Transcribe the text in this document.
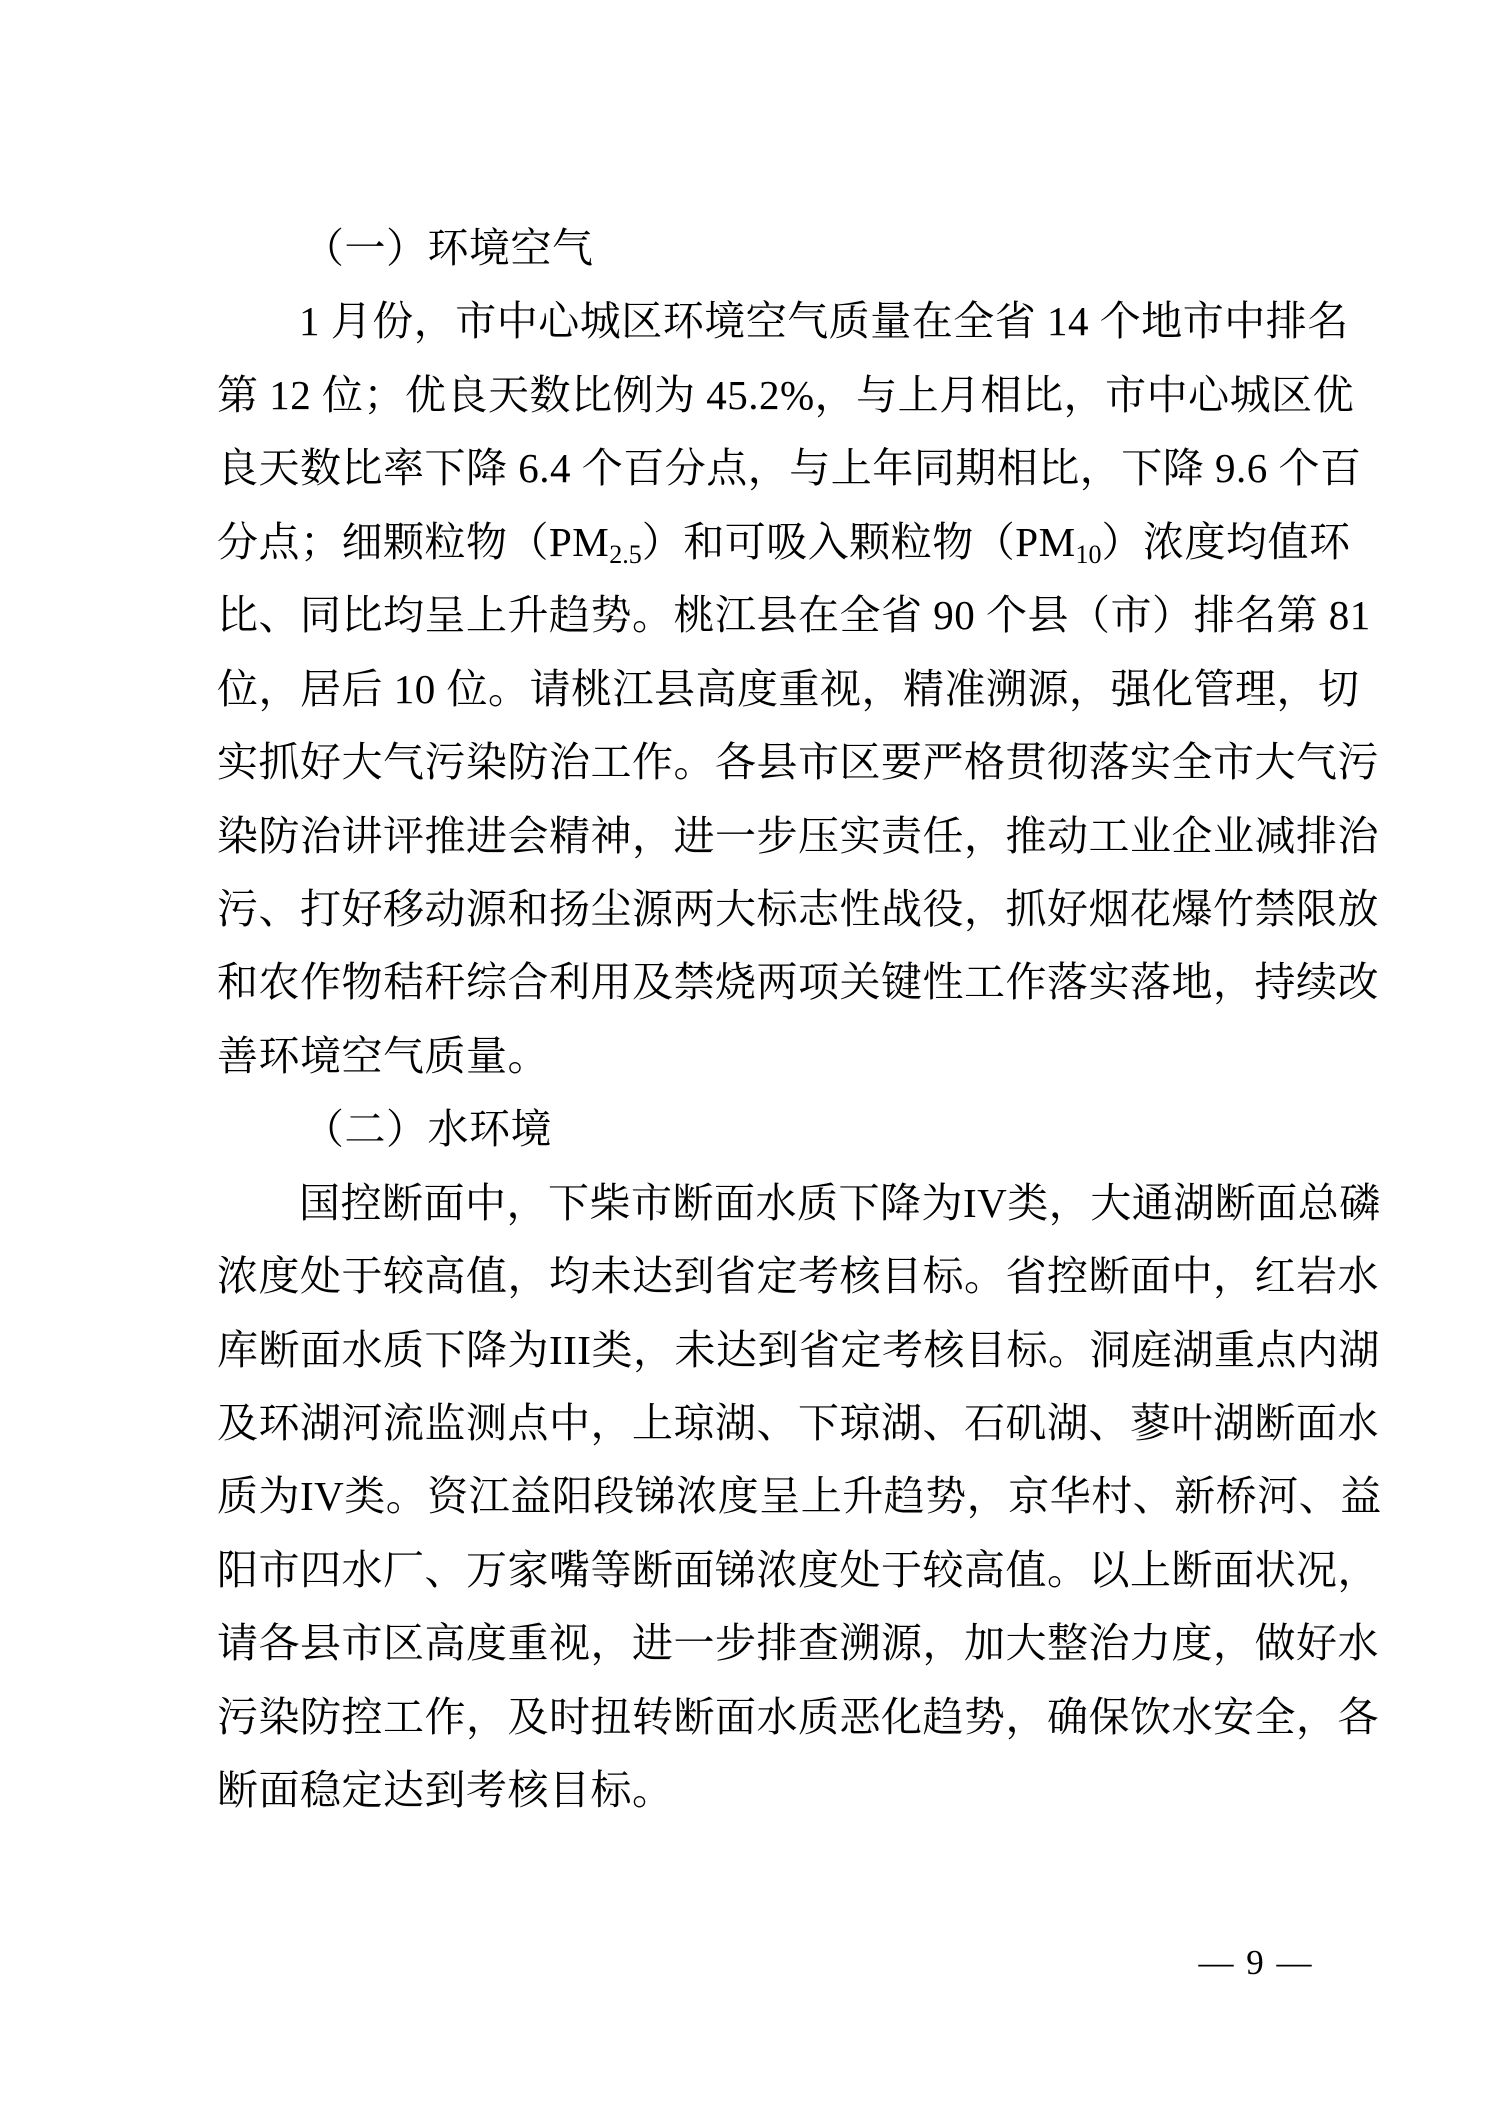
（一）环境空气
1 月份，市中心城区环境空气质量在全省 14 个地市中排名
第 12 位；优良天数比例为 45.2%，与上月相比，市中心城区优
良天数比率下降 6.4 个百分点，与上年同期相比，下降 9.6 个百
分点；细颗粒物$(PM_{2.5})$和可吸入颗粒物$(PM_{10})$浓度均值环
比、同比均呈上升趋势。桃江县在全省 90 个县（市）排名第 81
位，居后 10 位。请桃江县高度重视，精准溯源，强化管理，切
实抓好大气污染防治工作。各县市区要严格贯彻落实全市大气污
染防治讲评推进会精神，进一步压实责任，推动工业企业减排治
污、打好移动源和扬尘源两大标志性战役，抓好烟花爆竹禁限放
和农作物秸秆综合利用及禁烧两项关键性工作落实落地，持续改
善环境空气质量。
（二）水环境
国控断面中，下柴市断面水质下降为IV类，大通湖断面总磷
浓度处于较高值，均未达到省定考核目标。省控断面中，红岩水
库断面水质下降为III类，未达到省定考核目标。洞庭湖重点内湖
及环湖河流监测点中，上琼湖、下琼湖、石矶湖、蓼叶湖断面水
质为IV类。资江益阳段锑浓度呈上升趋势，京华村、新桥河、益
阳市四水厂、万家嘴等断面锑浓度处于较高值。以上断面状况，
请各县市区高度重视，进一步排查溯源，加大整治力度，做好水
污染防控工作，及时扭转断面水质恶化趋势，确保饮水安全，各
断面稳定达到考核目标。
— 9 —
